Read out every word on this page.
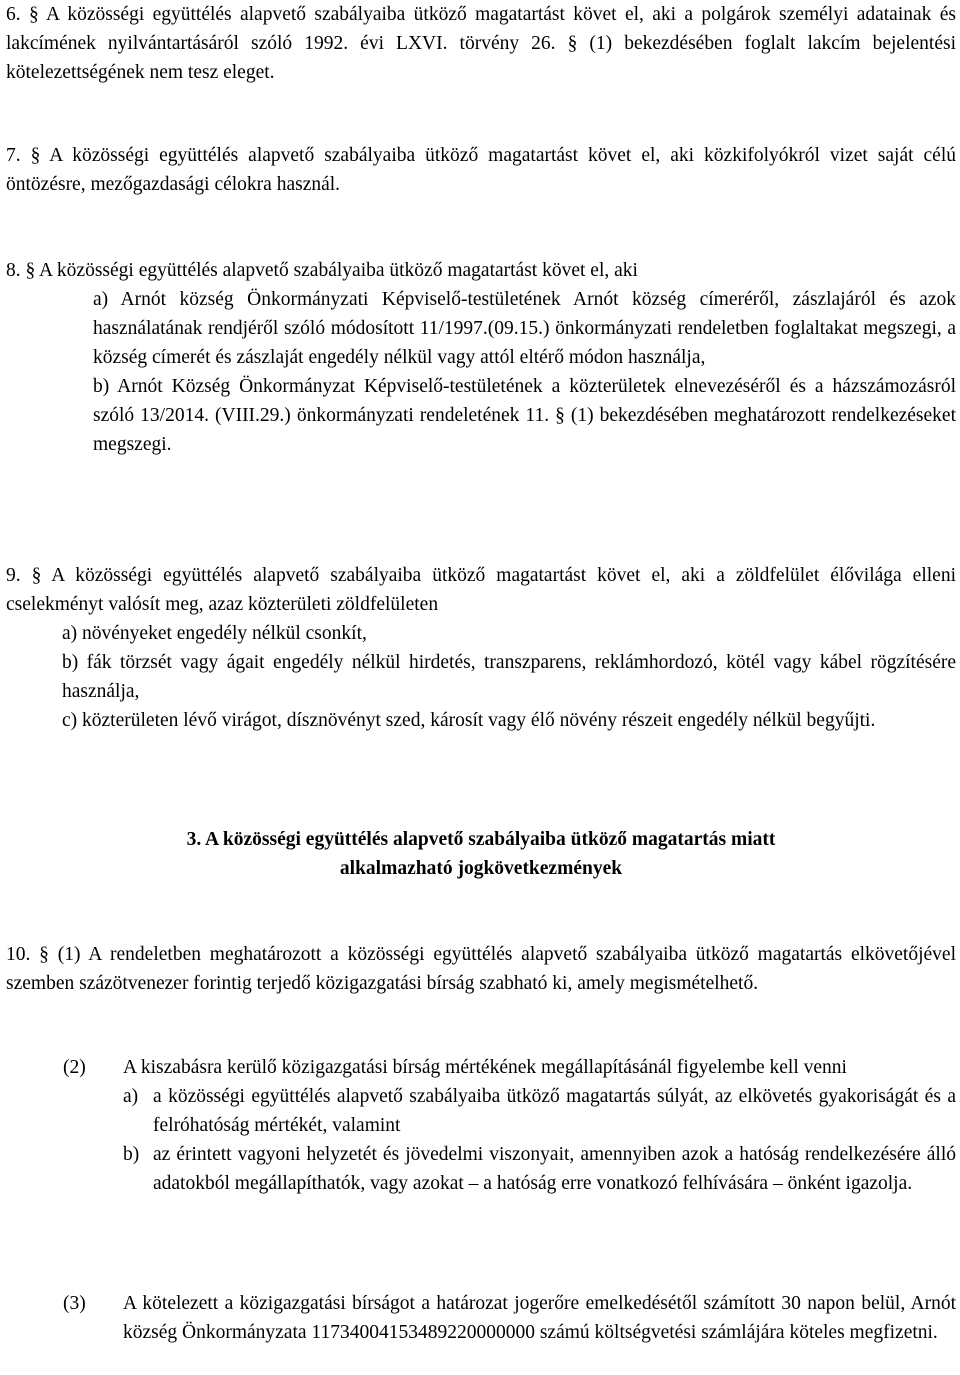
6. § A közösségi együttélés alapvető szabályaiba ütköző magatartást követ el, aki a polgárok személyi adatainak és lakcímének nyilvántartásáról szóló 1992. évi LXVI. törvény 26. § (1) bekezdésében foglalt lakcím bejelentési kötelezettségének nem tesz eleget.

7. § A közösségi együttélés alapvető szabályaiba ütköző magatartást követ el, aki közkifolyókról vizet saját célú öntözésre, mezőgazdasági célokra használ.

8. § A közösségi együttélés alapvető szabályaiba ütköző magatartást követ el, aki

a) Arnót község Önkormányzati Képviselő-testületének Arnót község címeréről, zászlajáról és azok használatának rendjéről szóló módosított 11/1997.(09.15.) önkormányzati rendeletben foglaltakat megszegi, a község címerét és zászlaját engedély nélkül vagy attól eltérő módon használja,

b) Arnót Község Önkormányzat Képviselő-testületének a közterületek elnevezéséről és a házszámozásról szóló 13/2014. (VIII.29.) önkormányzati rendeletének 11. § (1) bekezdésében meghatározott rendelkezéseket megszegi.

9. § A közösségi együttélés alapvető szabályaiba ütköző magatartást követ el, aki a zöldfelület élővilága elleni cselekményt valósít meg, azaz közterületi zöldfelületen

a) növényeket engedély nélkül csonkít,

b) fák törzsét vagy ágait engedély nélkül hirdetés, transzparens, reklámhordozó, kötél vagy kábel rögzítésére használja,

c) közterületen lévő virágot, dísznövényt szed, károsít vagy élő növény részeit engedély nélkül begyűjti.

3. A közösségi együttélés alapvető szabályaiba ütköző magatartás miatt
alkalmazható jogkövetkezmények

10. § (1) A rendeletben meghatározott a közösségi együttélés alapvető szabályaiba ütköző magatartás elkövetőjével szemben százötvenezer forintig terjedő közigazgatási bírság szabható ki, amely megismételhető.

(2) A kiszabásra kerülő közigazgatási bírság mértékének megállapításánál figyelembe kell venni

a) a közösségi együttélés alapvető szabályaiba ütköző magatartás súlyát, az elkövetés gyakoriságát és a felróhatóság mértékét, valamint

b) az érintett vagyoni helyzetét és jövedelmi viszonyait, amennyiben azok a hatóság rendelkezésére álló adatokból megállapíthatók, vagy azokat – a hatóság erre vonatkozó felhívására – önként igazolja.

(3) A kötelezett a közigazgatási bírságot a határozat jogerőre emelkedésétől számított 30 napon belül, Arnót község Önkormányzata 11734004153489220000000 számú költségvetési számlájára köteles megfizetni.
